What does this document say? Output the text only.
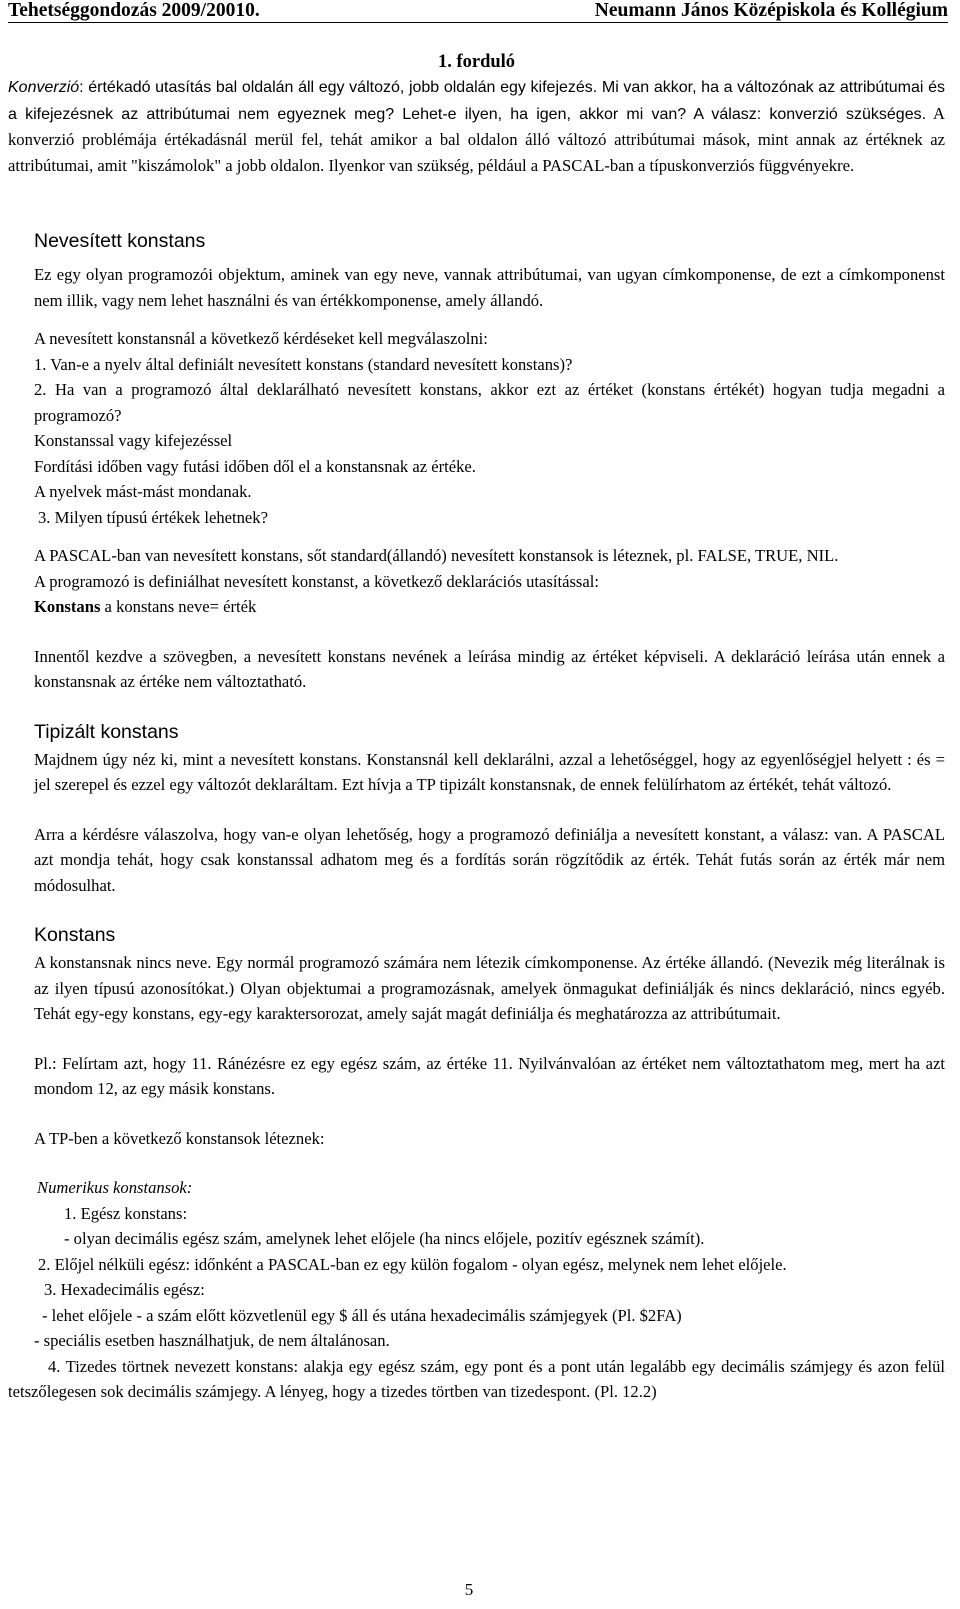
Tehetséggondozás 2009/20010.	Neumann János Középiskola és Kollégium

1. forduló

Konverzió: értékadó utasítás bal oldalán áll egy változó, jobb oldalán egy kifejezés. Mi van akkor, ha a változónak az attribútumai és a kifejezésnek az attribútumai nem egyeznek meg? Lehet-e ilyen, ha igen, akkor mi van? A válasz: konverzió szükséges. A konverzió problémája értékadásnál merül fel, tehát amikor a bal oldalon álló változó attribútumai mások, mint annak az értéknek az attribútumai, amit "kiszámolok" a jobb oldalon. Ilyenkor van szükség, például a PASCAL-ban a típuskonverziós függvényekre.

Nevesített konstans

Ez egy olyan programozói objektum, aminek van egy neve, vannak attribútumai, van ugyan címkomponense, de ezt a címkomponenst nem illik, vagy nem lehet használni és van értékkomponense, amely állandó.

A nevesített konstansnál a következő kérdéseket kell megválaszolni:

1. Van-e a nyelv által definiált nevesített konstans (standard nevesített konstans)?

2. Ha van a programozó által deklarálható nevesített konstans, akkor ezt az értéket (konstans értékét) hogyan tudja megadni a programozó?

Konstanssal vagy kifejezéssel

Fordítási időben vagy futási időben dől el a konstansnak az értéke.

A nyelvek mást-mást mondanak.

3. Milyen típusú értékek lehetnek?

A PASCAL-ban van nevesített konstans, sőt standard(állandó) nevesített konstansok is léteznek, pl. FALSE, TRUE, NIL.

A programozó is definiálhat nevesített konstanst, a következő deklarációs utasítással:

Konstans a konstans neve= érték

Innentől kezdve a szövegben, a nevesített konstans nevének a leírása mindig az értéket képviseli. A deklaráció leírása után ennek a konstansnak az értéke nem változtatható.

Tipizált konstans

Majdnem úgy néz ki, mint a nevesített konstans. Konstansnál kell deklarálni, azzal a lehetőséggel, hogy az egyenlőségjel helyett : és = jel szerepel és ezzel egy változót deklaráltam. Ezt hívja a TP tipizált konstansnak, de ennek felülírhatom az értékét, tehát változó.

Arra a kérdésre válaszolva, hogy van-e olyan lehetőség, hogy a programozó definiálja a nevesített konstant, a válasz: van. A PASCAL azt mondja tehát, hogy csak konstanssal adhatom meg és a fordítás során rögzítődik az érték. Tehát futás során az érték már nem módosulhat.

Konstans

A konstansnak nincs neve. Egy normál programozó számára nem létezik címkomponense. Az értéke állandó. (Nevezik még literálnak is az ilyen típusú azonosítókat.) Olyan objektumai a programozásnak, amelyek önmagukat definiálják és nincs deklaráció, nincs egyéb. Tehát egy-egy konstans, egy-egy karaktersorozat, amely saját magát definiálja és meghatározza az attribútumait.

Pl.: Felírtam azt, hogy 11. Ránézésre ez egy egész szám, az értéke 11. Nyilvánvalóan az értéket nem változtathatom meg, mert ha azt mondom 12, az egy másik konstans.

A TP-ben a következő konstansok léteznek:

Numerikus konstansok:

1. Egész konstans:

- olyan decimális egész szám, amelynek lehet előjele (ha nincs előjele, pozitív egésznek számít).

2. Előjel nélküli egész: időnként a PASCAL-ban ez egy külön fogalom - olyan egész, melynek nem lehet előjele.

3. Hexadecimális egész:

- lehet előjele - a szám előtt közvetlenül egy $ áll és utána hexadecimális számjegyek (Pl. $2FA)

- speciális esetben használhatjuk, de nem általánosan.

4. Tizedes törtnek nevezett konstans: alakja egy egész szám, egy pont és a pont után legalább egy decimális számjegy és azon felül tetszőlegesen sok decimális számjegy. A lényeg, hogy a tizedes törtben van tizedespont. (Pl. 12.2)

5
